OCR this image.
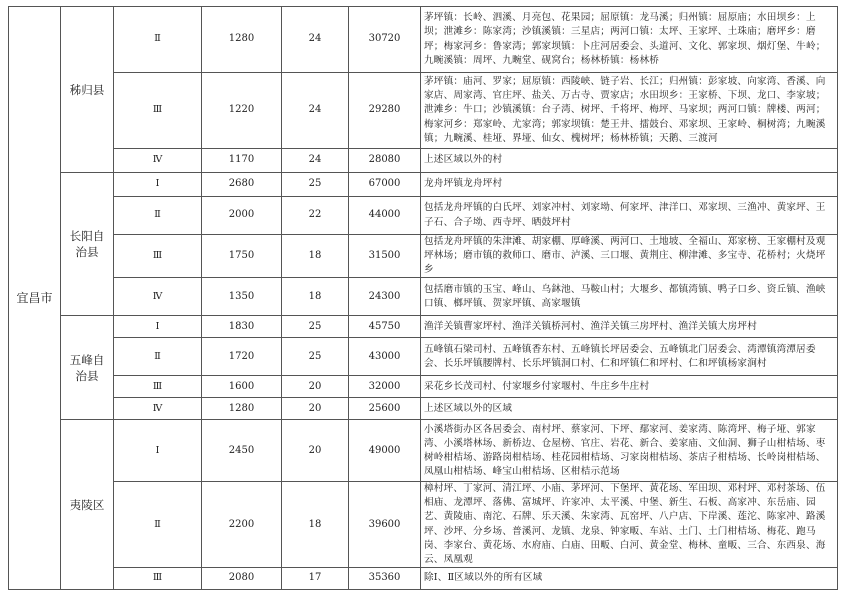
宜昌市	秭归县	Ⅱ	1280	24	30720	茅坪镇：长岭、泗溪、月亮包、花果园；屈原镇：龙马溪；归州镇：屈原庙；水田坝乡：上坝；泄滩乡：陈家湾；沙镇溪镇：三星店；两河口镇：太坪、王家坪、土珠庙；磨坪乡：磨坪；梅家河乡：鲁家湾；郭家坝镇：卜庄河居委会、头道河、文化、郭家坝、烟灯堡、牛岭；九畹溪镇：周坪、九畹堂、砚窝台；杨林桥镇：杨林桥
		Ⅲ	1220	24	29280	茅坪镇：庙河、罗家；屈原镇：西陵峡、链子岩、长江；归州镇：彭家坡、向家湾、香溪、向家店、周家湾、官庄坪、盐关、万古寺、贾家店；水田坝乡：王家桥、下坝、龙口、李家坡；泄滩乡：牛口；沙镇溪镇：台子湾、树坪、千将坪、梅坪、马家坝；两河口镇：牌楼、两河；梅家河乡：郑家岭、尤家湾；郭家坝镇：楚王井、擂鼓台、邓家坝、王家岭、桐树湾；九畹溪镇；九畹溪、桂垭、界垭、仙女、槐树坪；杨林桥镇；天鹅、三渡河
		Ⅳ	1170	24	28080	上述区域以外的村
	长阳自治县	Ⅰ	2680	25	67000	龙舟坪镇龙舟坪村
		Ⅱ	2000	22	44000	包括龙舟坪镇的白氏坪、刘家冲村、刘家坳、何家坪、津洋口、邓家坝、三渔冲、黄家坪、王子石、合子坳、西寺坪、晒鼓坪村
		Ⅲ	1750	18	31500	包括龙舟坪镇的朱津滩、胡家棚、厚峰溪、两河口、土地坡、全福山、郑家榜、王家棚村及观坪林场；磨市镇的救师口、磨市、泸溪、三口堰、黄荆庄、柳津滩、多宝寺、花桥村；火烧坪乡
		Ⅳ	1350	18	24300	包括磨市镇的玉宝、峰山、乌鈢池、马鞍山村；大堰乡、都镇湾镇、鸭子口乡、资丘镇、渔峡口镇、榔坪镇、贺家坪镇、高家堰镇
	五峰自治县	Ⅰ	1830	25	45750	渔洋关镇曹家坪村、渔洋关镇桥河村、渔洋关镇三房坪村、渔洋关镇大房坪村
		Ⅱ	1720	25	43000	五峰镇石梁司村、五峰镇香东村、五峰镇长坪居委会、五峰镇北门居委会、湾潭镇湾潭居委会、长乐坪镇腰牌村、长乐坪镇洞口村、仁和坪镇仁和坪村、仁和坪镇杨家涧村
		Ⅲ	1600	20	32000	采花乡长茂司村、付家堰乡付家堰村、牛庄乡牛庄村
		Ⅳ	1280	20	25600	上述区域以外的区域
	夷陵区	Ⅰ	2450	20	49000	小溪塔街办区各居委会、南村坪、蔡家河、下坪、鄢家河、姜家湾、陈湾坪、梅子垭、郭家湾、小溪塔林场、新桥边、仓屋榜、官庄、岩花、新合、姜家庙、文仙洞、狮子山柑桔场、枣树岭柑桔场、游路岗柑桔场、桂花园柑桔场、习家岗柑桔场、茶店子柑桔场、长岭岗柑桔场、凤凰山柑桔场、峰宝山柑桔场、区柑桔示范场
		Ⅱ	2200	18	39600	樟村坪、丁家河、清江坪、小庙、茅坪河、下堡坪、黄花场、军田坝、邓村坪、邓村茶场、伍相庙、龙潭坪、落佛、富城坪、许家冲、太平溪、中堡、新生、石板、高家冲、东岳庙、园艺、黄陵庙、南沱、石牌、乐天溪、朱家湾、瓦窑坪、八户店、下岸溪、莲沱、陈家冲、路溪坪、沙坪、分乡场、普溪河、龙镇、龙泉、钟家畈、车站、土门、土门柑桔场、梅花、跑马岗、李家台、黄花场、水府庙、白庙、田畈、白河、黄金堂、梅林、童畈、三合、东西泉、海云、凤凰观
		Ⅲ	2080	17	35360	除Ⅰ、Ⅱ区域以外的所有区域
